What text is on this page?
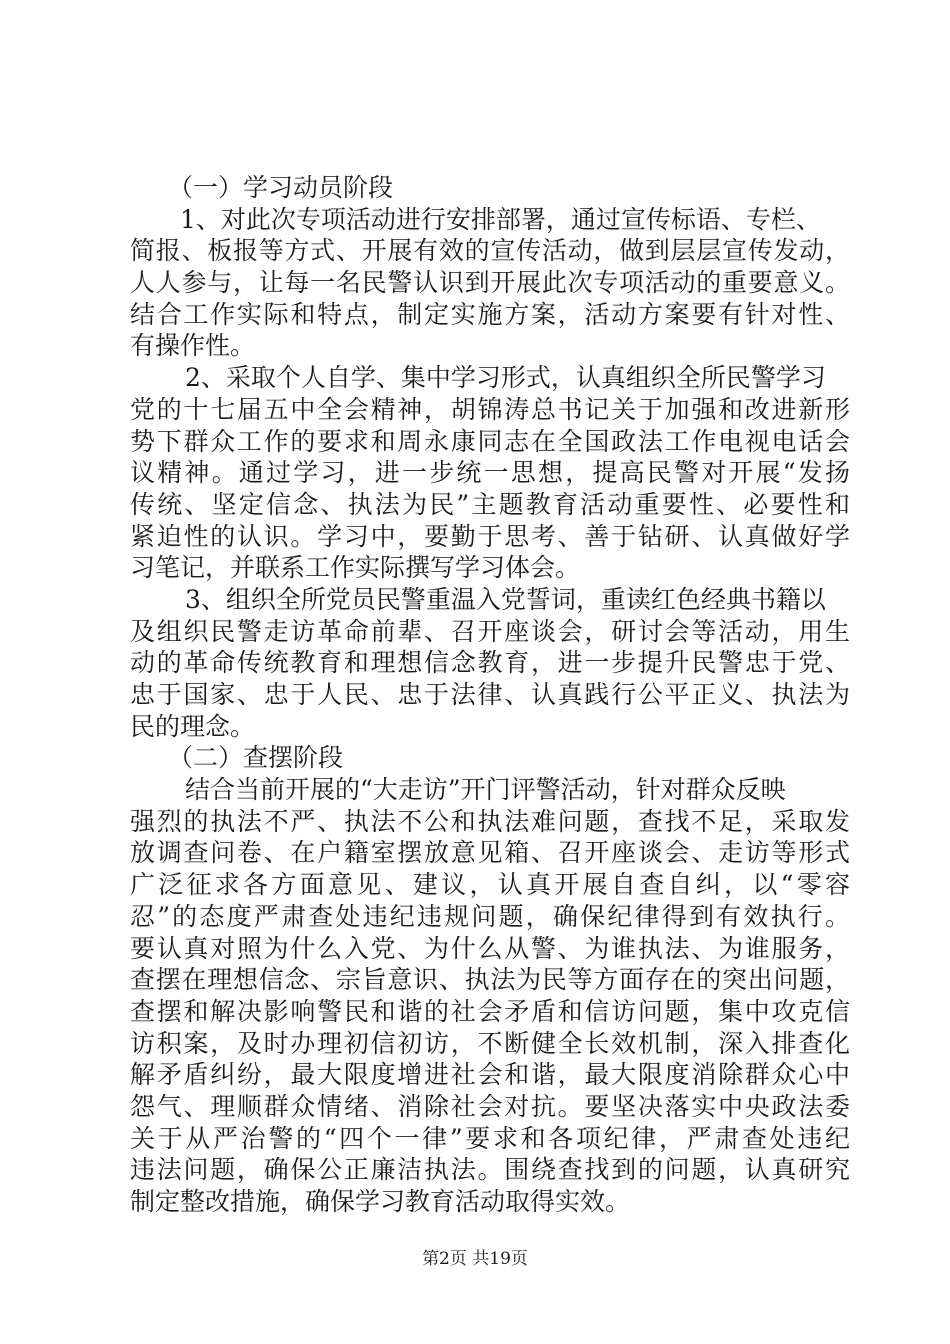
（一）学习动员阶段
1、对此次专项活动进行安排部署，通过宣传标语、专栏、
简报、板报等方式、开展有效的宣传活动，做到层层宣传发动，
人人参与，让每一名民警认识到开展此次专项活动的重要意义。
结合工作实际和特点，制定实施方案，活动方案要有针对性、
有操作性。
2、采取个人自学、集中学习形式，认真组织全所民警学习
党的十七届五中全会精神，胡锦涛总书记关于加强和改进新形
势下群众工作的要求和周永康同志在全国政法工作电视电话会
议精神。通过学习，进一步统一思想，提高民警对开展“发扬
传统、坚定信念、执法为民”主题教育活动重要性、必要性和
紧迫性的认识。学习中，要勤于思考、善于钻研、认真做好学
习笔记，并联系工作实际撰写学习体会。
3、组织全所党员民警重温入党誓词，重读红色经典书籍以
及组织民警走访革命前辈、召开座谈会，研讨会等活动，用生
动的革命传统教育和理想信念教育，进一步提升民警忠于党、
忠于国家、忠于人民、忠于法律、认真践行公平正义、执法为
民的理念。
（二）查摆阶段
结合当前开展的“大走访”开门评警活动，针对群众反映
强烈的执法不严、执法不公和执法难问题，查找不足，采取发
放调查问卷、在户籍室摆放意见箱、召开座谈会、走访等形式
广泛征求各方面意见、建议，认真开展自查自纠，以“零容
忍”的态度严肃查处违纪违规问题，确保纪律得到有效执行。
要认真对照为什么入党、为什么从警、为谁执法、为谁服务，
查摆在理想信念、宗旨意识、执法为民等方面存在的突出问题，
查摆和解决影响警民和谐的社会矛盾和信访问题，集中攻克信
访积案，及时办理初信初访，不断健全长效机制，深入排查化
解矛盾纠纷，最大限度增进社会和谐，最大限度消除群众心中
怨气、理顺群众情绪、消除社会对抗。要坚决落实中央政法委
关于从严治警的“四个一律”要求和各项纪律，严肃查处违纪
违法问题，确保公正廉洁执法。围绕查找到的问题，认真研究
制定整改措施，确保学习教育活动取得实效。
第2页 共19页
